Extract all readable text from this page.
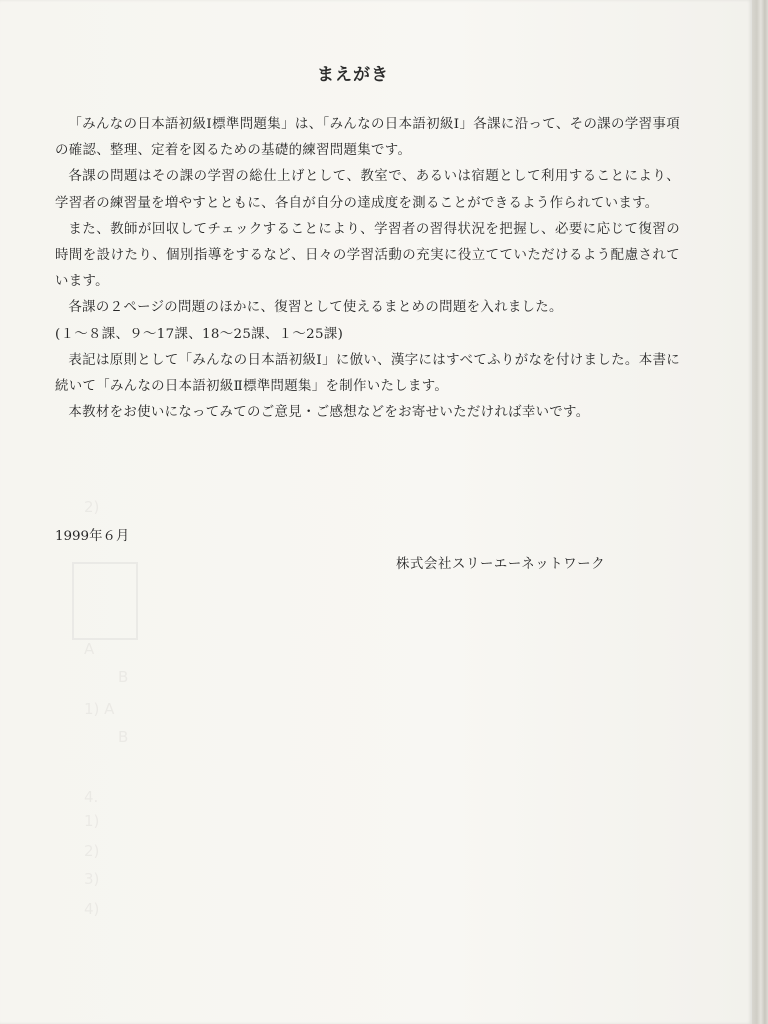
2)
A
B
1) A
B
4.
1)
2)
3)
4)
まえがき

「みんなの日本語初級Ⅰ標準問題集」は、「みんなの日本語初級Ⅰ」各課に沿って、その課の学習事項の確認、整理、定着を図るための基礎的練習問題集です。

各課の問題はその課の学習の総仕上げとして、教室で、あるいは宿題として利用することにより、学習者の練習量を増やすとともに、各自が自分の達成度を測ることができるよう作られています。

また、教師が回収してチェックすることにより、学習者の習得状況を把握し、必要に応じて復習の時間を設けたり、個別指導をするなど、日々の学習活動の充実に役立てていただけるよう配慮されています。

各課の２ページの問題のほかに、復習として使えるまとめの問題を入れました。

(１～８課、９～17課、18～25課、１～25課)

表記は原則として「みんなの日本語初級Ⅰ」に倣い、漢字にはすべてふりがなを付けました。本書に続いて「みんなの日本語初級Ⅱ標準問題集」を制作いたします。

本教材をお使いになってみてのご意見・ご感想などをお寄せいただければ幸いです。

1999年６月
株式会社スリーエーネットワーク
